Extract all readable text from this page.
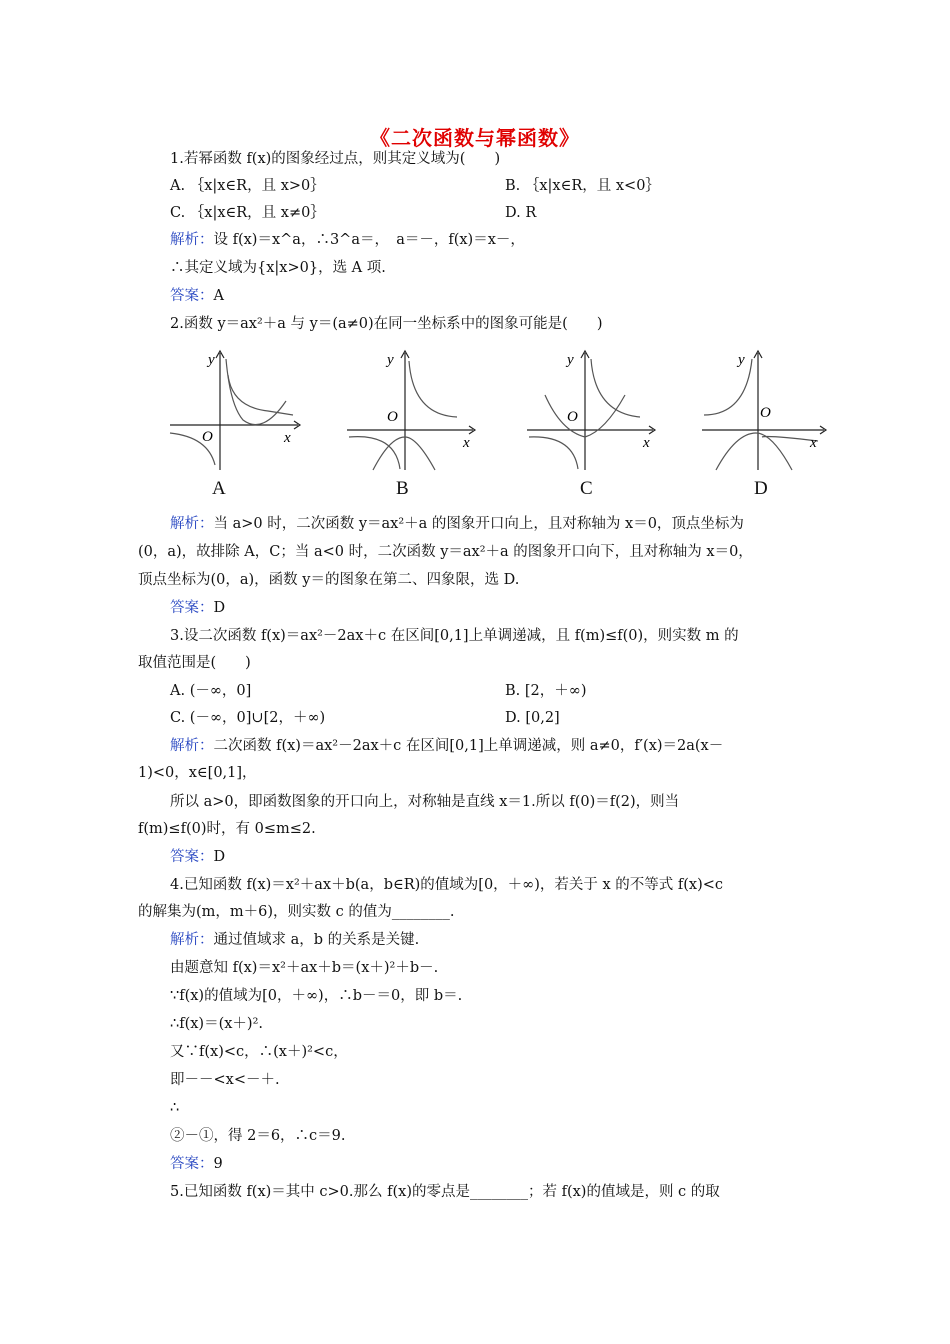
《二次函数与幂函数》
1.若幂函数 f(x)的图象经过点，则其定义域为(　　)
A. ｛x|x∈R，且 x>0｝	B. ｛x|x∈R，且 x<0｝
C. ｛x|x∈R，且 x≠0｝	D. R
解析：设 f(x)＝x^a，∴3^a＝，　a＝－，f(x)＝x－，
∴其定义域为{x|x>0}，选 A 项.
答案：A
2.函数 y＝ax²＋a 与 y＝(a≠0)在同一坐标系中的图象可能是(　　)
y
x
O
A
y
x
O
B
y
x
O
C
y
x
O
D
解析：当 a>0 时，二次函数 y＝ax²＋a 的图象开口向上，且对称轴为 x＝0，顶点坐标为
(0，a)，故排除 A，C；当 a<0 时，二次函数 y＝ax²＋a 的图象开口向下，且对称轴为 x＝0，
顶点坐标为(0，a)，函数 y＝的图象在第二、四象限，选 D.
答案：D
3.设二次函数 f(x)＝ax²－2ax＋c 在区间[0,1]上单调递减，且 f(m)≤f(0)，则实数 m 的
取值范围是(　　)
A. (－∞，0]	B. [2，＋∞)
C. (－∞，0]∪[2，＋∞)	D. [0,2]
解析：二次函数 f(x)＝ax²－2ax＋c 在区间[0,1]上单调递减，则 a≠0，f′(x)＝2a(x－
1)<0，x∈[0,1]，
所以 a>0，即函数图象的开口向上，对称轴是直线 x＝1.所以 f(0)＝f(2)，则当
f(m)≤f(0)时，有 0≤m≤2.
答案：D
4.已知函数 f(x)＝x²＋ax＋b(a，b∈R)的值域为[0，＋∞)，若关于 x 的不等式 f(x)<c
的解集为(m，m＋6)，则实数 c 的值为________.
解析：通过值域求 a，b 的关系是关键.
由题意知 f(x)＝x²＋ax＋b＝(x＋)²＋b－.
∵f(x)的值域为[0，＋∞)，∴b－＝0，即 b＝.
∴f(x)＝(x＋)².
又∵f(x)<c，∴(x＋)²<c，
即－－<x<－＋.
∴
②－①，得 2＝6，∴c＝9.
答案：9
5.已知函数 f(x)＝其中 c>0.那么 f(x)的零点是________；若 f(x)的值域是，则 c 的取
